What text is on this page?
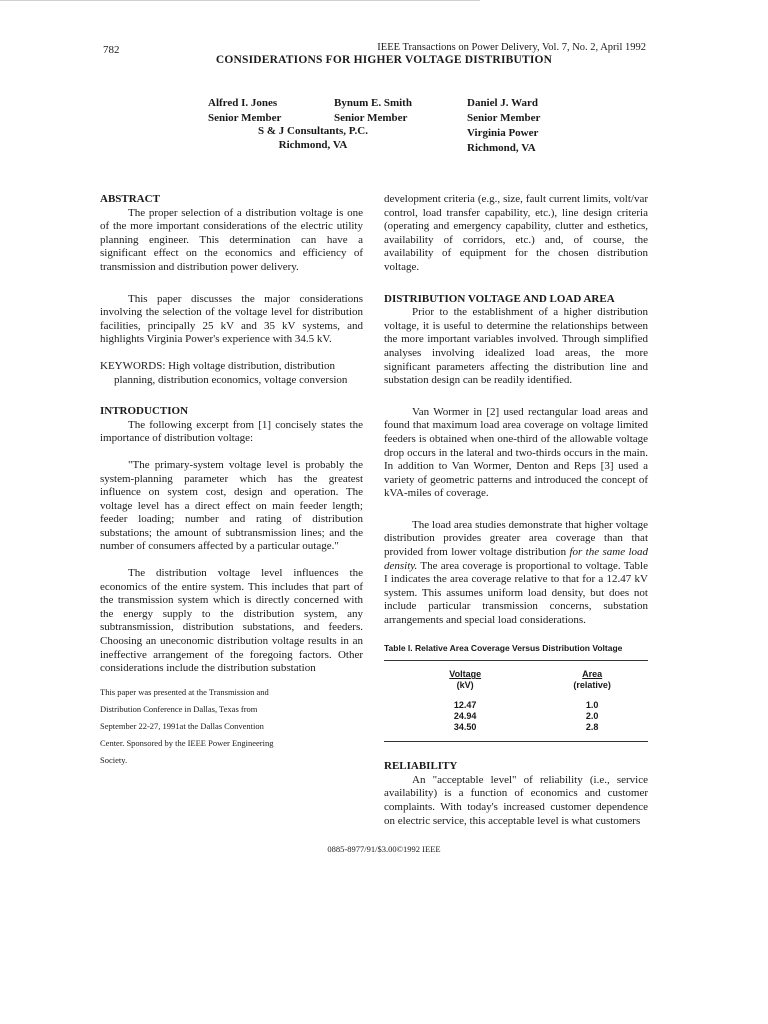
782	IEEE Transactions on Power Delivery, Vol. 7, No. 2, April 1992
CONSIDERATIONS FOR HIGHER VOLTAGE DISTRIBUTION
Alfred I. Jones
Senior Member
Bynum E. Smith
Senior Member
Daniel J. Ward
Senior Member
Virginia Power
Richmond, VA
S & J Consultants, P.C.
Richmond, VA

ABSTRACT

The proper selection of a distribution voltage is one of the more important considerations of the electric utility planning engineer. This determination can have a significant effect on the economics and efficiency of transmission and distribution power delivery.

This paper discusses the major considerations involving the selection of the voltage level for distribution facilities, principally 25 kV and 35 kV systems, and highlights Virginia Power's experience with 34.5 kV.

KEYWORDS: High voltage distribution, distribution planning, distribution economics, voltage conversion

INTRODUCTION

The following excerpt from [1] concisely states the importance of distribution voltage:

"The primary-system voltage level is probably the system-planning parameter which has the greatest influence on system cost, design and operation. The voltage level has a direct effect on main feeder length; feeder loading; number and rating of distribution substations; the amount of subtransmission lines; and the number of consumers affected by a particular outage."

The distribution voltage level influences the economics of the entire system. This includes that part of the transmission system which is directly concerned with the energy supply to the distribution system, any subtransmission, distribution substations, and feeders. Choosing an uneconomic distribution voltage results in an ineffective arrangement of the foregoing factors. Other considerations include the distribution substation

This paper was presented at the Transmission and Distribution Conference in Dallas, Texas from September 22-27, 1991at the Dallas Convention Center. Sponsored by the IEEE Power Engineering Society.

development criteria (e.g., size, fault current limits, volt/var control, load transfer capability, etc.), line design criteria (operating and emergency capability, clutter and esthetics, availability of corridors, etc.) and, of course, the availability of equipment for the chosen distribution voltage.

DISTRIBUTION VOLTAGE AND LOAD AREA

Prior to the establishment of a higher distribution voltage, it is useful to determine the relationships between the more important variables involved. Through simplified analyses involving idealized load areas, the more significant parameters affecting the distribution line and substation design can be readily identified.

Van Wormer in [2] used rectangular load areas and found that maximum load area coverage on voltage limited feeders is obtained when one-third of the allowable voltage drop occurs in the lateral and two-thirds occurs in the main. In addition to Van Wormer, Denton and Reps [3] used a variety of geometric patterns and introduced the concept of kVA-miles of coverage.

The load area studies demonstrate that higher voltage distribution provides greater area coverage than that provided from lower voltage distribution for the same load density. The area coverage is proportional to voltage. Table I indicates the area coverage relative to that for a 12.47 kV system. This assumes uniform load density, but does not include particular transmission concerns, substation arrangements and special load considerations.

Table I. Relative Area Coverage Versus Distribution Voltage
Voltage	Area
(kV)	(relative)
12.47	1.0
24.94	2.0
34.50	2.8

RELIABILITY

An "acceptable level" of reliability (i.e., service availability) is a function of economics and customer complaints. With today's increased customer dependence on electric service, this acceptable level is what customers

0885-8977/91/$3.00©1992 IEEE
